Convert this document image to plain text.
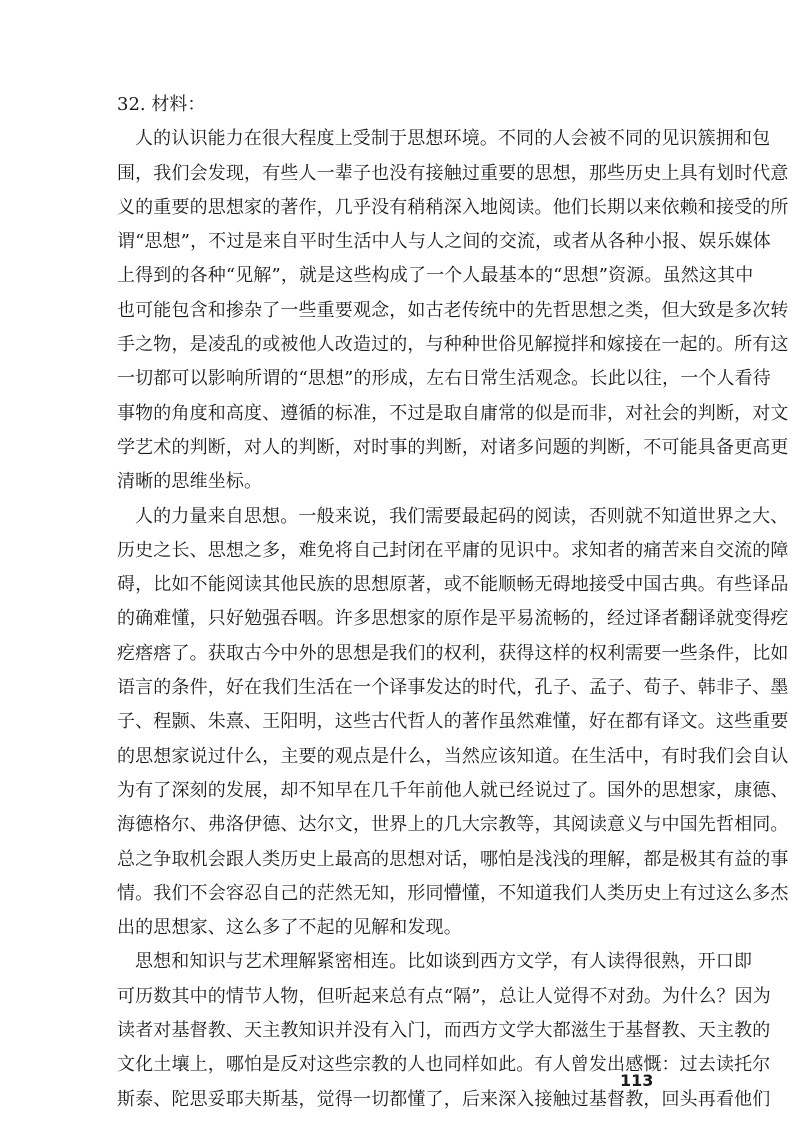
32. 材料：
人的认识能力在很大程度上受制于思想环境。不同的人会被不同的见识簇拥和包
围，我们会发现，有些人一辈子也没有接触过重要的思想，那些历史上具有划时代意
义的重要的思想家的著作，几乎没有稍稍深入地阅读。他们长期以来依赖和接受的所
谓“思想”，不过是来自平时生活中人与人之间的交流，或者从各种小报、娱乐媒体
上得到的各种“见解”，就是这些构成了一个人最基本的“思想”资源。虽然这其中
也可能包含和掺杂了一些重要观念，如古老传统中的先哲思想之类，但大致是多次转
手之物，是凌乱的或被他人改造过的，与种种世俗见解搅拌和嫁接在一起的。所有这
一切都可以影响所谓的“思想”的形成，左右日常生活观念。长此以往，一个人看待
事物的角度和高度、遵循的标准，不过是取自庸常的似是而非，对社会的判断，对文
学艺术的判断，对人的判断，对时事的判断，对诸多问题的判断，不可能具备更高更
清晰的思维坐标。
人的力量来自思想。一般来说，我们需要最起码的阅读，否则就不知道世界之大、
历史之长、思想之多，难免将自己封闭在平庸的见识中。求知者的痛苦来自交流的障
碍，比如不能阅读其他民族的思想原著，或不能顺畅无碍地接受中国古典。有些译品
的确难懂，只好勉强吞咽。许多思想家的原作是平易流畅的，经过译者翻译就变得疙
疙瘩瘩了。获取古今中外的思想是我们的权利，获得这样的权利需要一些条件，比如
语言的条件，好在我们生活在一个译事发达的时代，孔子、孟子、荀子、韩非子、墨
子、程颢、朱熹、王阳明，这些古代哲人的著作虽然难懂，好在都有译文。这些重要
的思想家说过什么，主要的观点是什么，当然应该知道。在生活中，有时我们会自认
为有了深刻的发展，却不知早在几千年前他人就已经说过了。国外的思想家，康德、
海德格尔、弗洛伊德、达尔文，世界上的几大宗教等，其阅读意义与中国先哲相同。
总之争取机会跟人类历史上最高的思想对话，哪怕是浅浅的理解，都是极其有益的事
情。我们不会容忍自己的茫然无知，形同懵懂，不知道我们人类历史上有过这么多杰
出的思想家、这么多了不起的见解和发现。
思想和知识与艺术理解紧密相连。比如谈到西方文学，有人读得很熟，开口即
可历数其中的情节人物，但听起来总有点“隔”，总让人觉得不对劲。为什么？因为
读者对基督教、天主教知识并没有入门，而西方文学大都滋生于基督教、天主教的
文化土壤上，哪怕是反对这些宗教的人也同样如此。有人曾发出感慨：过去读托尔
斯泰、陀思妥耶夫斯基，觉得一切都懂了，后来深入接触过基督教，回头再看他们
113
